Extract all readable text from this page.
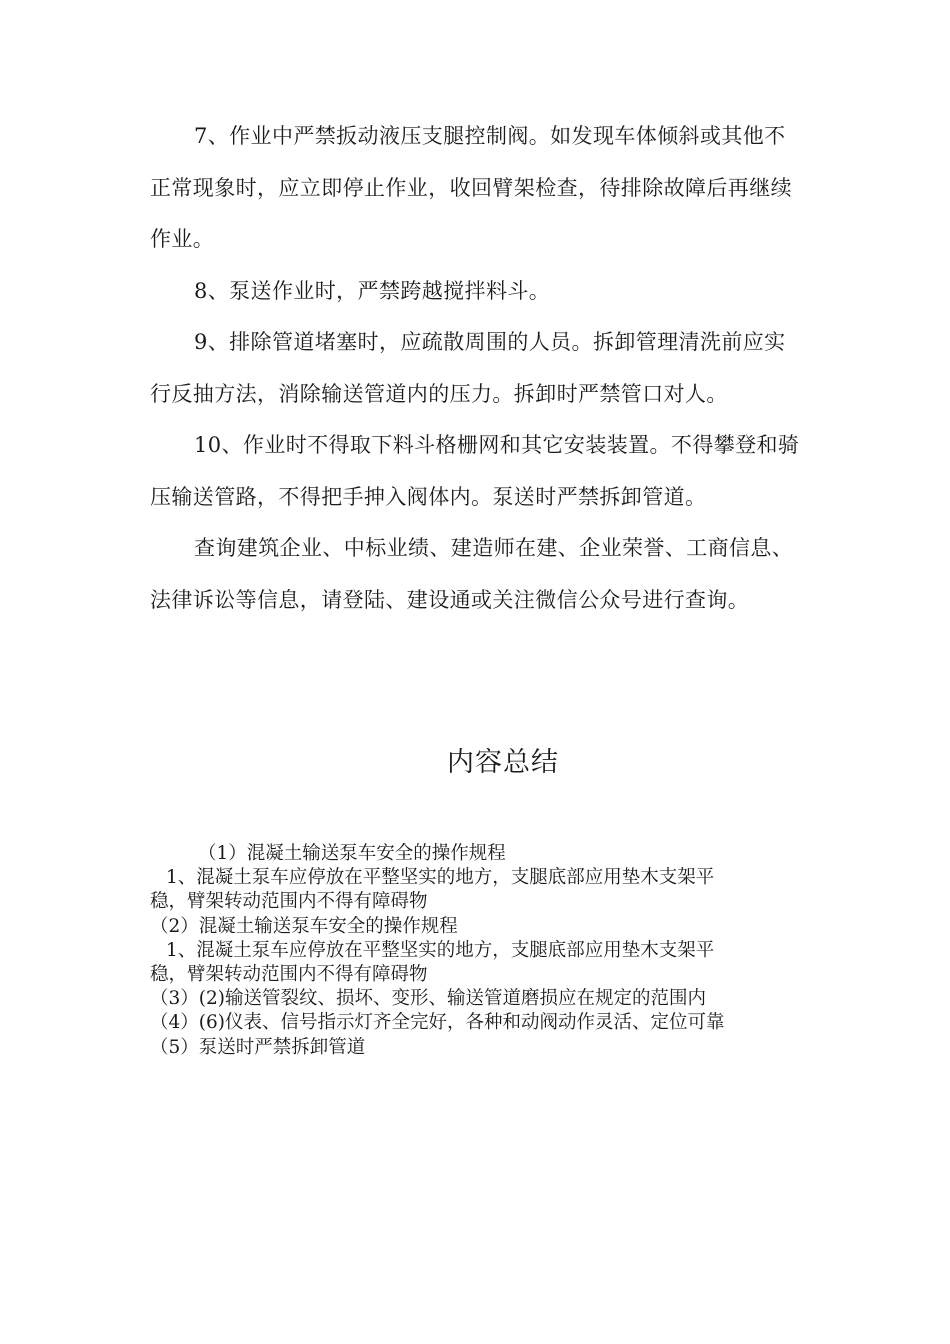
7、作业中严禁扳动液压支腿控制阀。如发现车体倾斜或其他不正常现象时，应立即停止作业，收回臂架检查，待排除故障后再继续作业。

8、泵送作业时，严禁跨越搅拌料斗。

9、排除管道堵塞时，应疏散周围的人员。拆卸管理清洗前应实行反抽方法，消除输送管道内的压力。拆卸时严禁管口对人。

10、作业时不得取下料斗格栅网和其它安装装置。不得攀登和骑压输送管路，不得把手抻入阀体内。泵送时严禁拆卸管道。

查询建筑企业、中标业绩、建造师在建、企业荣誉、工商信息、法律诉讼等信息，请登陆、建设通或关注微信公众号进行查询。

内容总结
（1）混凝土输送泵车安全的操作规程
1、混凝土泵车应停放在平整坚实的地方，支腿底部应用垫木支架平
稳，臂架转动范围内不得有障碍物
（2）混凝土输送泵车安全的操作规程
1、混凝土泵车应停放在平整坚实的地方，支腿底部应用垫木支架平
稳，臂架转动范围内不得有障碍物
（3）(2)输送管裂纹、损坏、变形、输送管道磨损应在规定的范围内
（4）(6)仪表、信号指示灯齐全完好，各种和动阀动作灵活、定位可靠
（5）泵送时严禁拆卸管道
